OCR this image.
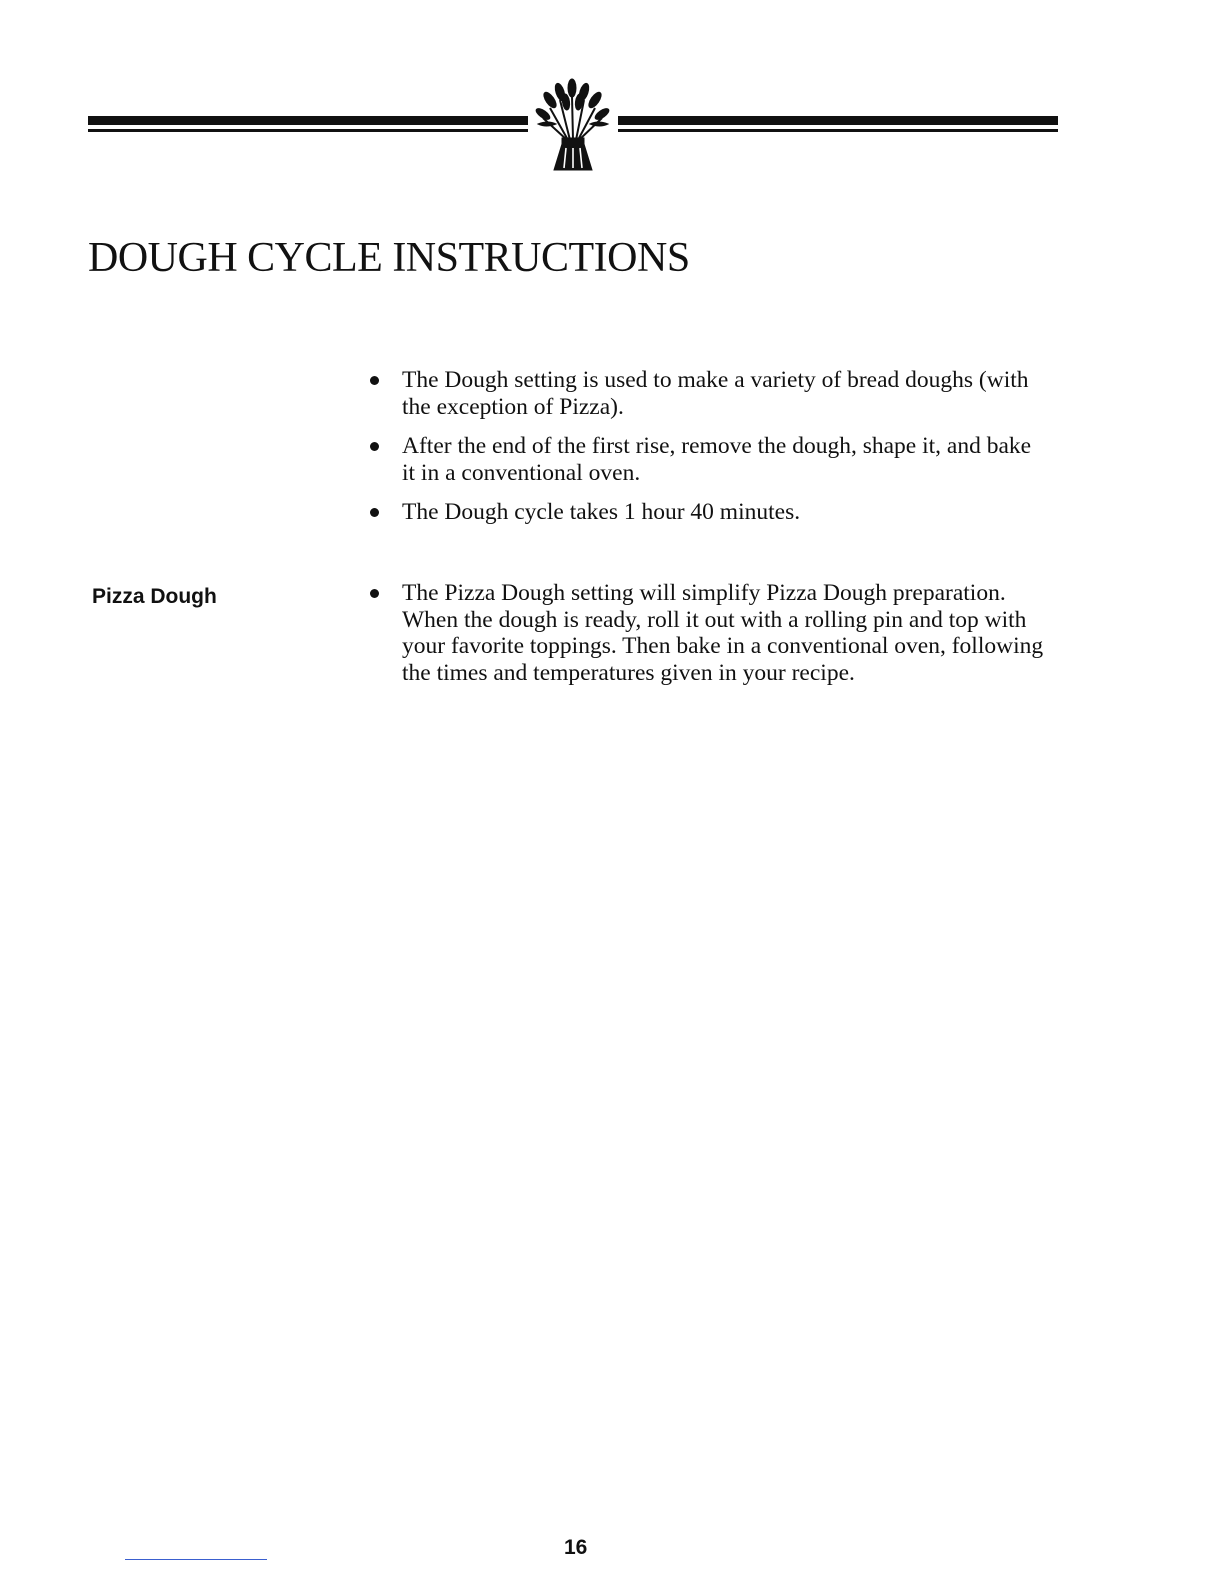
DOUGH CYCLE INSTRUCTIONS
The Dough setting is used to make a variety of bread doughs (with the exception of Pizza).
After the end of the first rise, remove the dough, shape it, and bake it in a conventional oven.
The Dough cycle takes 1 hour 40 minutes.
Pizza Dough	The Pizza Dough setting will simplify Pizza Dough preparation. When the dough is ready, roll it out with a rolling pin and top with your favorite toppings. Then bake in a conventional oven, following the times and temperatures given in your recipe.
16
